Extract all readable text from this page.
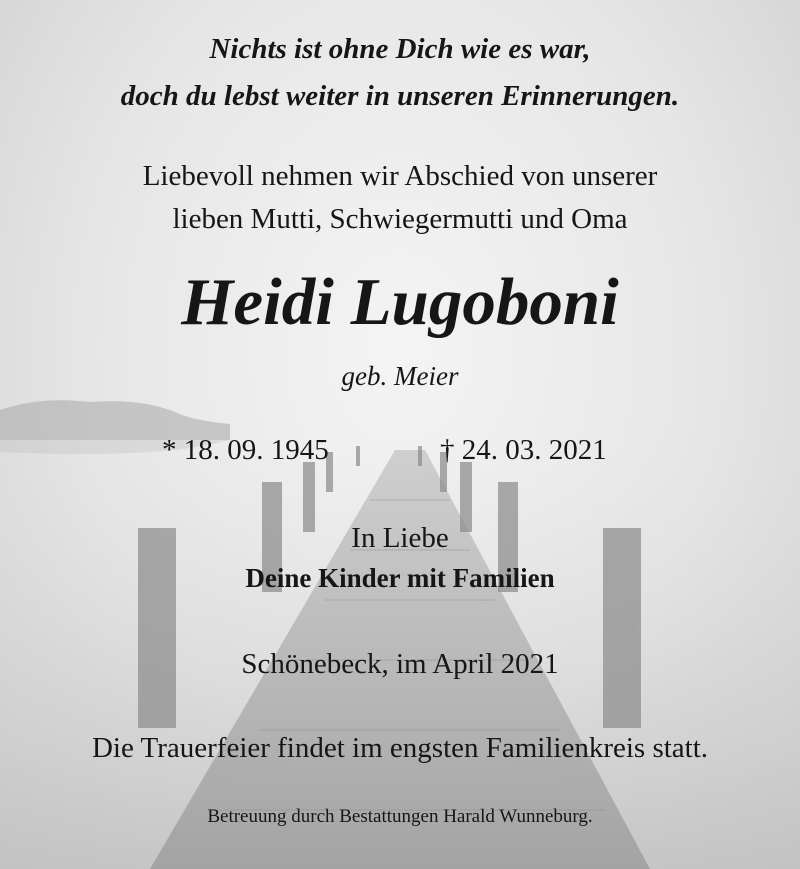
Nichts ist ohne Dich wie es war,
doch du lebst weiter in unseren Erinnerungen.

Liebevoll nehmen wir Abschied von unserer
lieben Mutti, Schwiegermutti und Oma

Heidi Lugoboni

geb. Meier

* 18. 09. 1945	† 24. 03. 2021

In Liebe

Deine Kinder mit Familien

Schönebeck, im April 2021

Die Trauerfeier findet im engsten Familienkreis statt.

Betreuung durch Bestattungen Harald Wunneburg.
